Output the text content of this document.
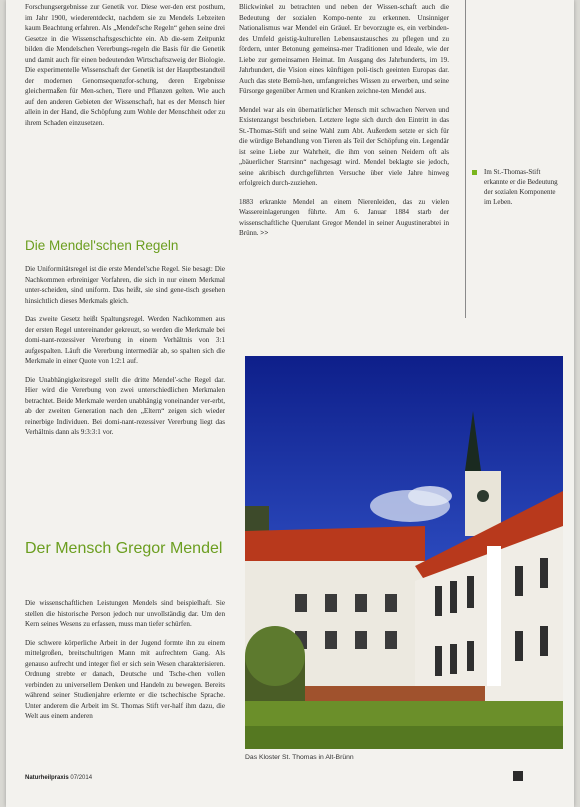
Forschungsergebnisse zur Genetik vor. Diese wer-den erst posthum, im Jahr 1900, wiederentdeckt, nachdem sie zu Mendels Lebzeiten kaum Beachtung erfahren. Als „Mendel'sche Regeln“ gehen seine drei Gesetze in die Wissenschaftsgeschichte ein. Ab die-sem Zeitpunkt bilden die Mendelschen Vererbungs-regeln die Basis für die Genetik und damit auch für einen bedeutenden Wirtschaftszweig der Biologie. Die experimentelle Wissenschaft der Genetik ist der Hauptbestandteil der modernen Genomsequenzfor-schung, deren Ergebnisse gleichermaßen für Men-schen, Tiere und Pflanzen gelten. Wie auch auf den anderen Gebieten der Wissenschaft, hat es der Mensch hier allein in der Hand, die Schöpfung zum Wohle der Menschheit oder zu ihrem Schaden einzusetzen.

Die Mendel'schen Regeln

Die Uniformitätsregel ist die erste Mendel'sche Regel. Sie besagt: Die Nachkommen erbreiniger Vorfahren, die sich in nur einem Merkmal unter-scheiden, sind uniform. Das heißt, sie sind gene-tisch gesehen hinsichtlich dieses Merkmals gleich.

Das zweite Gesetz heißt Spaltungsregel. Werden Nachkommen aus der ersten Regel untereinander gekreuzt, so werden die Merkmale bei domi-nant-rezessiver Vererbung in einem Verhältnis von 3:1 aufgespalten. Läuft die Vererbung intermediär ab, so spalten sich die Merkmale in einer Quote von 1:2:1 auf.

Die Unabhängigkeitsregel stellt die dritte Mendel'-sche Regel dar. Hier wird die Vererbung von zwei unterschiedlichen Merkmalen betrachtet. Beide Merkmale werden unabhängig voneinander ver-erbt, ab der zweiten Generation nach den „Eltern“ zeigen sich wieder reinerbige Individuen. Bei domi-nant-rezessiver Vererbung liegt das Verhältnis dann als 9:3:3:1 vor.

Der Mensch Gregor Mendel

Die wissenschaftlichen Leistungen Mendels sind beispielhaft. Sie stellen die historische Person jedoch nur unvollständig dar. Um den Kern seines Wesens zu erfassen, muss man tiefer schürfen.

Die schwere körperliche Arbeit in der Jugend formte ihn zu einem mittelgroßen, breitschultrigen Mann mit aufrechtem Gang. Als genauso aufrecht und integer fiel er sich sein Wesen charakterisieren. Ordnung strebte er danach, Deutsche und Tsche-chen vollen verbinden zu universellem Denken und Handeln zu bewegen. Bereits während seiner Studienjahre erlernte er die tschechische Sprache. Unter anderem die Arbeit im St. Thomas Stift ver-half ihm dazu, die Welt aus einem anderen

Blickwinkel zu betrachten und neben der Wissen-schaft auch die Bedeutung der sozialen Kompo-nente zu erkennen. Unsinniger Nationalismus war Mendel ein Gräuel. Er bevorzugte es, ein verbinden-des Umfeld geistig-kulturellen Lebensaustausches zu pflegen und zu fördern, unter Betonung gemeinsa-mer Traditionen und Ideale, wie der Liebe zur gemeinsamen Heimat. Im Ausgang des Jahrhunderts, im 19. Jahrhundert, die Vision eines künftigen poli-tisch geeinten Europas dar. Auch das stete Bemü-hen, umfangreiches Wissen zu erwerben, und seine Fürsorge gegenüber Armen und Kranken zeichne-ten Mendel aus.

Mendel war als ein übernatürlicher Mensch mit schwachen Nerven und Existenzangst beschrieben. Letztere legte sich durch den Eintritt in das St.-Thomas-Stift und seine Wahl zum Abt. Außerdem setzte er sich für die würdige Behandlung von Tieren als Teil der Schöpfung ein. Legendär ist seine Liebe zur Wahrheit, die ihm von seinen Neidern oft als „bäuerlicher Starrsinn“ nachgesagt wird. Mendel beklagte sie jedoch, seine akribisch durchgeführten Versuche über viele Jahre hinweg erfolgreich durch-zuziehen.

1883 erkrankte Mendel an einem Nierenleiden, das zu vielen Wassereinlagerungen führte. Am 6. Januar 1884 starb der wissenschaftliche Querulant Gregor Mendel in seiner Augustinerabtei in Brünn. >>

Im St.-Thomas-Stift erkannte er die Bedeutung der sozialen Komponente im Leben.
Das Kloster St. Thomas in Alt-Brünn
Naturheilpraxis 07/2014
